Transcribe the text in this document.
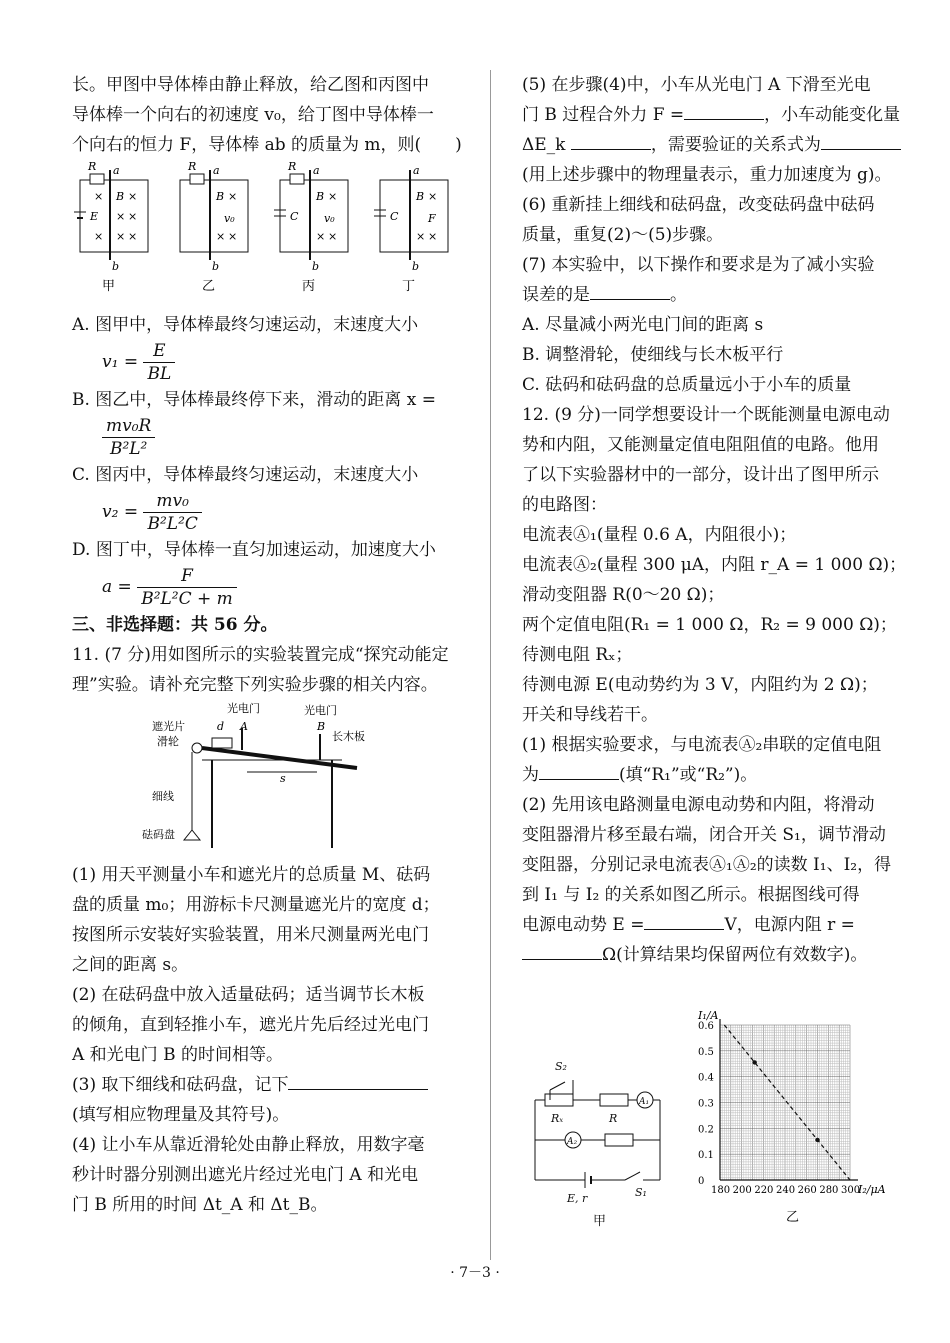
长。甲图中导体棒由静止释放，给乙图和丙图中

导体棒一个向右的初速度 v₀，给丁图中导体棒一

个向右的恒力 F，导体棒 ab 的质量为 m，则(　　)

R a
b
E
×
×
B ×
× ×
× ×
甲
R a
b
B ×
v₀
× ×
乙
R a
b
C
B ×
v₀
× ×
丙
a
b
C
B ×
F
× ×
丁

A. 图甲中，导体棒最终匀速运动，末速度大小

$v_1 = \frac{E}{BL}$

B. 图乙中，导体棒最终停下来，滑动的距离 x =

$\frac{\text{mv₀R}}{\text{B²L²}}$

C. 图丙中，导体棒最终匀速运动，末速度大小

$v_2 = \frac{\text{mv₀}}{\text{B²L²C}}$

D. 图丁中，导体棒一直匀加速运动，加速度大小

$a = \frac{F}{\text{B²L²C + m}}$

三、非选择题：共 56 分。

11. (7 分)用如图所示的实验装置完成“探究动能定

理”实验。请补充完整下列实验步骤的相关内容。

光电门	光电门
遮光片	d A	B
长木板
滑轮
s
细线
砝码盘

(1) 用天平测量小车和遮光片的总质量 M、砝码

盘的质量 m₀；用游标卡尺测量遮光片的宽度 d；

按图所示安装好实验装置，用米尺测量两光电门

之间的距离 s。

(2) 在砝码盘中放入适量砝码；适当调节长木板

的倾角，直到轻推小车，遮光片先后经过光电门

A 和光电门 B 的时间相等。

(3) 取下细线和砝码盘，记下

(填写相应物理量及其符号)。

(4) 让小车从靠近滑轮处由静止释放，用数字毫

秒计时器分别测出遮光片经过光电门 A 和光电

门 B 所用的时间 Δt_A 和 Δt_B。

(5) 在步骤(4)中，小车从光电门 A 下滑至光电

门 B 过程合外力 F =	，小车动能变化量

ΔE_k	，需要验证的关系式为

(用上述步骤中的物理量表示，重力加速度为 g)。

(6) 重新挂上细线和砝码盘，改变砝码盘中砝码

质量，重复(2)～(5)步骤。

(7) 本实验中，以下操作和要求是为了减小实验

误差的是	。

A. 尽量减小两光电门间的距离 s

B. 调整滑轮，使细线与长木板平行

C. 砝码和砝码盘的总质量远小于小车的质量

12. (9 分)一同学想要设计一个既能测量电源电动

势和内阻，又能测量定值电阻阻值的电路。他用

了以下实验器材中的一部分，设计出了图甲所示

的电路图：

电流表Ⓐ₁(量程 0.6 A，内阻很小)；

电流表Ⓐ₂(量程 300 μA，内阻 r_A = 1 000 Ω)；

滑动变阻器 R(0～20 Ω)；

两个定值电阻(R₁ = 1 000 Ω，R₂ = 9 000 Ω)；

待测电阻 Rₓ；

待测电源 E(电动势约为 3 V，内阻约为 2 Ω)；

开关和导线若干。

(1) 根据实验要求，与电流表Ⓐ₂串联的定值电阻

为	(填“R₁”或“R₂”)。

(2) 先用该电路测量电源电动势和内阻，将滑动

变阻器滑片移至最右端，闭合开关 S₁，调节滑动

变阻器，分别记录电流表Ⓐ₁Ⓐ₂的读数 I₁、I₂，得

到 I₁ 与 I₂ 的关系如图乙所示。根据图线可得

电源电动势 E =	V，电源内阻 r =

Ω(计算结果均保留两位有效数字)。

S₂
Rₓ	R
A₁
A₂
E, r	S₁
甲
180 200 220 240 260 280 300
0
0.1
0.2
0.3
0.4
0.5
0.6
I₁/A
I₂/μA
乙
· 7－3 ·
